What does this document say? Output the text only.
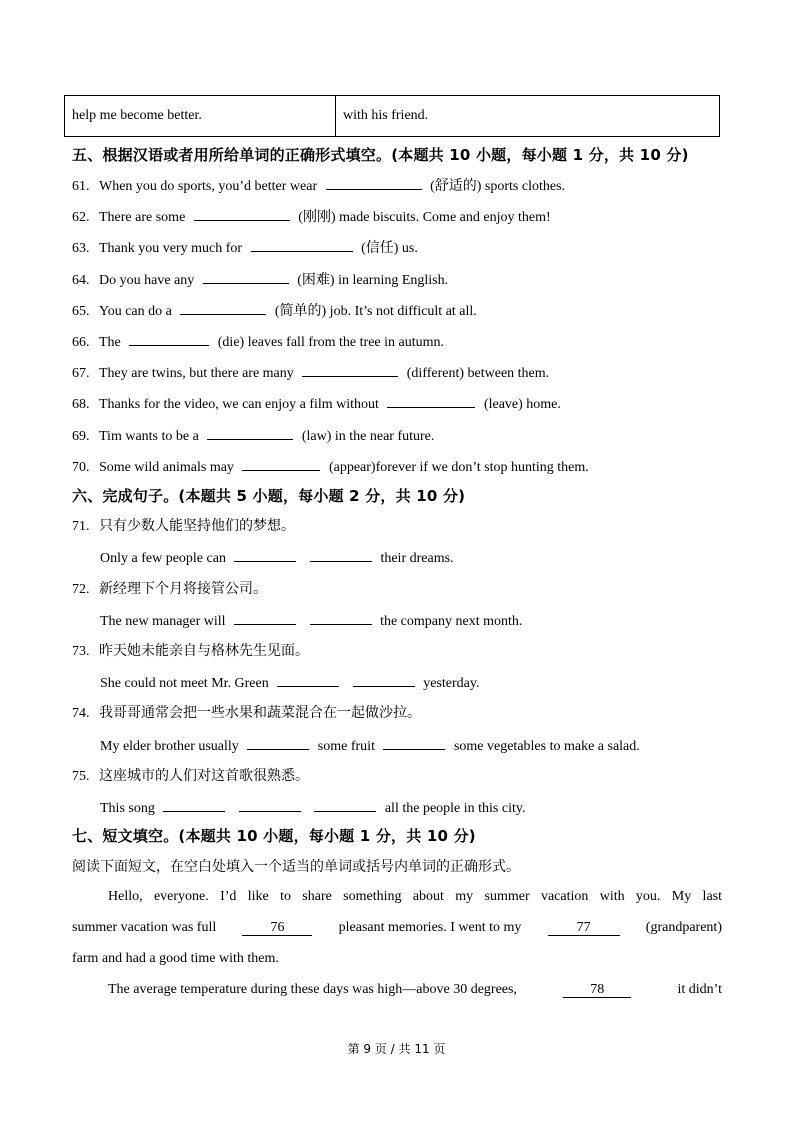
help me become better.	with his friend.
五、根据汉语或者用所给单词的正确形式填空。(本题共 10 小题，每小题 1 分，共 10 分)
61. When you do sports, you’d better wear	(舒适的) sports clothes.
62. There are some	(刚刚) made biscuits. Come and enjoy them!
63. Thank you very much for	(信任) us.
64. Do you have any	(困难) in learning English.
65. You can do a	(简单的) job. It’s not difficult at all.
66. The	(die) leaves fall from the tree in autumn.
67. They are twins, but there are many	(different) between them.
68. Thanks for the video, we can enjoy a film without	(leave) home.
69. Tim wants to be a	(law) in the near future.
70. Some wild animals may	(appear)forever if we don’t stop hunting them.
六、完成句子。(本题共 5 小题，每小题 2 分，共 10 分)
71. 只有少数人能坚持他们的梦想。
Only a few people can	their dreams.
72. 新经理下个月将接管公司。
The new manager will	the company next month.
73. 昨天她未能亲自与格林先生见面。
She could not meet Mr. Green	yesterday.
74. 我哥哥通常会把一些水果和蔬菜混合在一起做沙拉。
My elder brother usually	some fruit	some vegetables to make a salad.
75. 这座城市的人们对这首歌很熟悉。
This song	all the people in this city.
七、短文填空。(本题共 10 小题，每小题 1 分，共 10 分)
阅读下面短文，在空白处填入一个适当的单词或括号内单词的正确形式。
Hello, everyone. I’d like to share something about my summer vacation with you. My last
summer vacation was full	76	pleasant memories. I went to my	77	(grandparent)
farm and had a good time with them.
The average temperature during these days was high—above 30 degrees,	78	it didn’t
第 9 页 / 共 11 页
